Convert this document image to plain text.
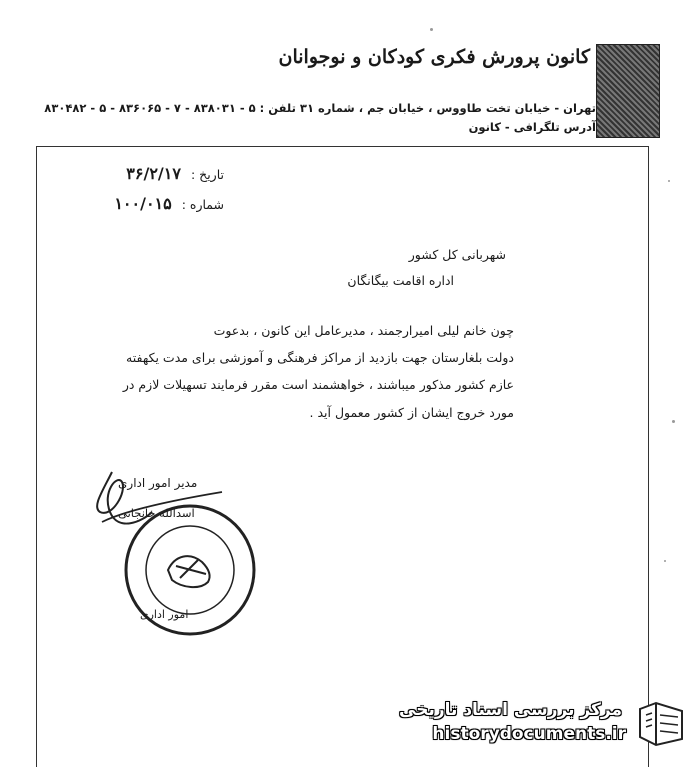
کانون پرورش فکری کودکان و نوجوانان
تهران - خیابان تخت طاووس ، خیابان جم ، شماره ۳۱ تلفن : ۵ - ۸۳۸۰۳۱ - ۷ - ۸۳۶۰۶۵ - ۵ - ۸۳۰۴۸۲
آدرس تلگرافی - کانون
تاریخ : ۳۶/۲/۱۷
شماره : ۱۰۰/۰۱۵
شهربانی کل کشور
اداره اقامت بیگانگان
چون خانم لیلی امیرارجمند ، مدیرعامل این کانون ، بدعوت
دولت بلغارستان جهت بازدید از مراکز فرهنگی و آموزشی برای مدت یکهفته
عازم کشور مذکور میباشند ، خواهشمند است مقرر فرمایند تسهیلات لازم در
مورد خروج ایشان از کشور معمول آید .
امور اداری
مدیر امور اداری
اسدالله خانجانی
مرکز بررسی اسناد تاریخی
historydocuments.ir
